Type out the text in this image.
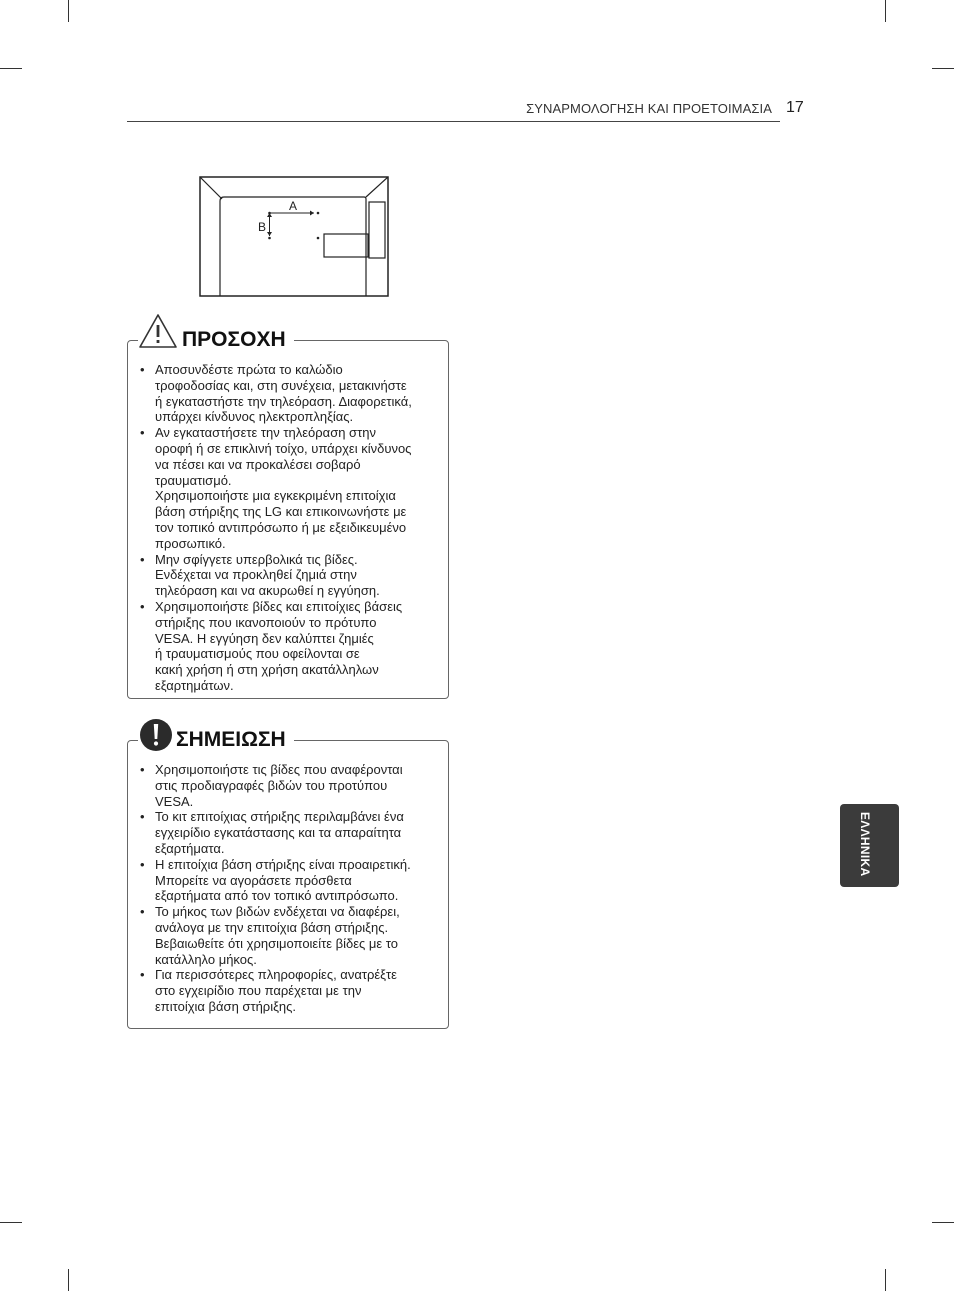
ΣΥΝΑΡΜΟΛΟΓΗΣΗ ΚΑΙ ΠΡΟΕΤΟΙΜΑΣΙΑ 17
A
B
ΠΡΟΣΟΧΗ
• Αποσυνδέστε πρώτα το καλώδιο
τροφοδοσίας και, στη συνέχεια, μετακινήστε
ή εγκαταστήστε την τηλεόραση. Διαφορετικά,
υπάρχει κίνδυνος ηλεκτροπληξίας.
• Αν εγκαταστήσετε την τηλεόραση στην
οροφή ή σε επικλινή τοίχο, υπάρχει κίνδυνος
να πέσει και να προκαλέσει σοβαρό
τραυματισμό.
Χρησιμοποιήστε μια εγκεκριμένη επιτοίχια
βάση στήριξης της LG και επικοινωνήστε με
τον τοπικό αντιπρόσωπο ή με εξειδικευμένο
προσωπικό.
• Μην σφίγγετε υπερβολικά τις βίδες.
Ενδέχεται να προκληθεί ζημιά στην
τηλεόραση και να ακυρωθεί η εγγύηση.
• Χρησιμοποιήστε βίδες και επιτοίχιες βάσεις
στήριξης που ικανοποιούν το πρότυπο
VESA. Η εγγύηση δεν καλύπτει ζημιές
ή τραυματισμούς που οφείλονται σε
κακή χρήση ή στη χρήση ακατάλληλων
εξαρτημάτων.
ΣΗΜΕΙΩΣΗ
• Χρησιμοποιήστε τις βίδες που αναφέρονται
στις προδιαγραφές βιδών του προτύπου
VESA.
• Το κιτ επιτοίχιας στήριξης περιλαμβάνει ένα
εγχειρίδιο εγκατάστασης και τα απαραίτητα
εξαρτήματα.
• Η επιτοίχια βάση στήριξης είναι προαιρετική.
Μπορείτε να αγοράσετε πρόσθετα
εξαρτήματα από τον τοπικό αντιπρόσωπο.
• Το μήκος των βιδών ενδέχεται να διαφέρει,
ανάλογα με την επιτοίχια βάση στήριξης.
Βεβαιωθείτε ότι χρησιμοποιείτε βίδες με το
κατάλληλο μήκος.
• Για περισσότερες πληροφορίες, ανατρέξτε
στο εγχειρίδιο που παρέχεται με την
επιτοίχια βάση στήριξης.
ΕΛΛΗΝΙΚΑ
